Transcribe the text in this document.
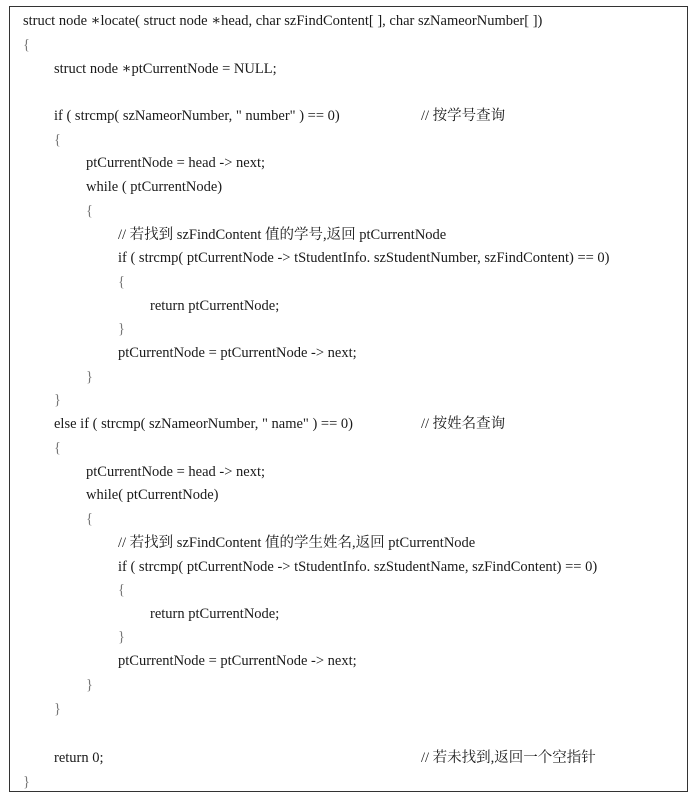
struct node ∗locate( struct node ∗head, char szFindContent[ ], char szNameorNumber[ ])
{
struct node ∗ptCurrentNode = NULL;
if ( strcmp( szNameorNumber, " number" ) == 0)	// 按学号查询
{
ptCurrentNode = head -> next;
while ( ptCurrentNode)
{
// 若找到 szFindContent 值的学号,返回 ptCurrentNode
if ( strcmp( ptCurrentNode -> tStudentInfo. szStudentNumber, szFindContent) == 0)
{
return ptCurrentNode;
}
ptCurrentNode = ptCurrentNode -> next;
}
}
else if ( strcmp( szNameorNumber, " name" ) == 0)	// 按姓名查询
{
ptCurrentNode = head -> next;
while( ptCurrentNode)
{
// 若找到 szFindContent 值的学生姓名,返回 ptCurrentNode
if ( strcmp( ptCurrentNode -> tStudentInfo. szStudentName, szFindContent) == 0)
{
return ptCurrentNode;
}
ptCurrentNode = ptCurrentNode -> next;
}
}
return 0;	// 若未找到,返回一个空指针
}
